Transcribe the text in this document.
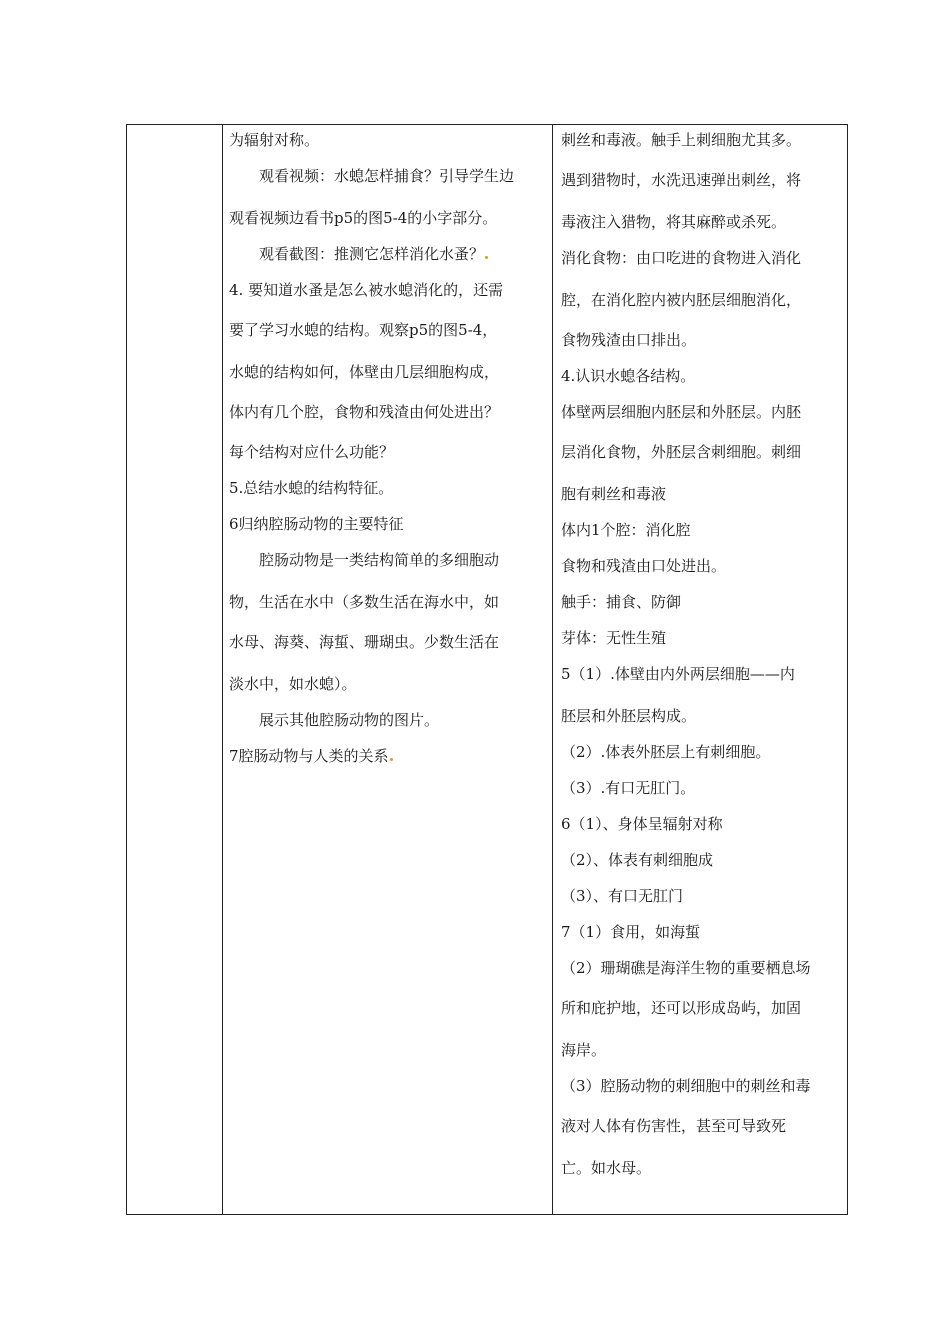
为辐射对称。
观看视频：水螅怎样捕食？引导学生边
观看视频边看书p5的图5-4的小字部分。
观看截图：推测它怎样消化水蚤？
4. 要知道水蚤是怎么被水螅消化的，还需
要了学习水螅的结构。观察p5的图5-4，
水螅的结构如何，体壁由几层细胞构成，
体内有几个腔，食物和残渣由何处进出？
每个结构对应什么功能？
5.总结水螅的结构特征。
6归纳腔肠动物的主要特征
腔肠动物是一类结构简单的多细胞动
物，生活在水中（多数生活在海水中，如
水母、海葵、海蜇、珊瑚虫。少数生活在
淡水中，如水螅）。
展示其他腔肠动物的图片。
7腔肠动物与人类的关系
刺丝和毒液。触手上刺细胞尤其多。
遇到猎物时，水洗迅速弹出刺丝，将
毒液注入猎物，将其麻醉或杀死。
消化食物：由口吃进的食物进入消化
腔，在消化腔内被内胚层细胞消化，
食物残渣由口排出。
4.认识水螅各结构。
体壁两层细胞内胚层和外胚层。内胚
层消化食物，外胚层含刺细胞。刺细
胞有刺丝和毒液
体内1个腔：消化腔
食物和残渣由口处进出。
触手：捕食、防御
芽体：无性生殖
5（1）.体壁由内外两层细胞——内
胚层和外胚层构成。
（2）.体表外胚层上有刺细胞。
（3）.有口无肛门。
6（1）、身体呈辐射对称
（2）、体表有刺细胞成
（3）、有口无肛门
7（1）食用，如海蜇
（2）珊瑚礁是海洋生物的重要栖息场
所和庇护地，还可以形成岛屿，加固
海岸。
（3）腔肠动物的刺细胞中的刺丝和毒
液对人体有伤害性，甚至可导致死
亡。如水母。
